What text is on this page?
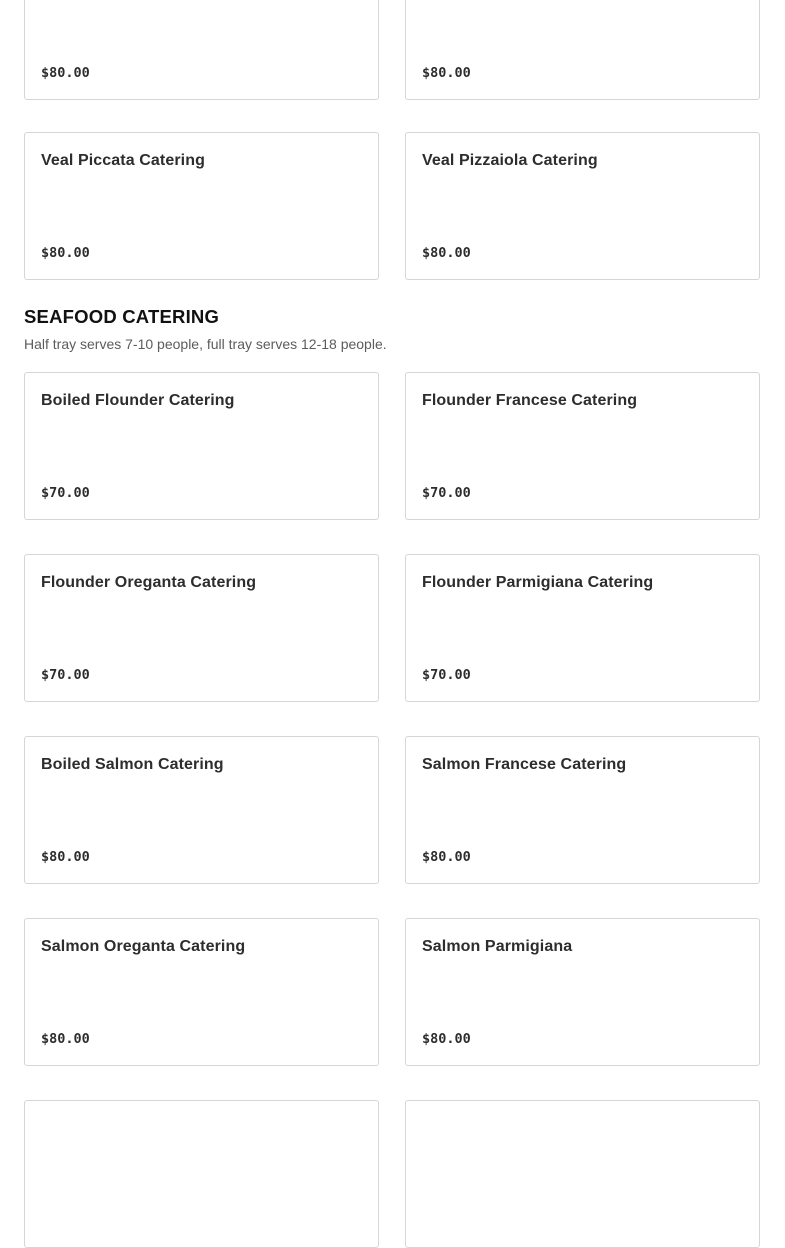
$80.00	$80.00
Veal Piccata Catering
$80.00
Veal Pizzaiola Catering
$80.00
SEAFOOD CATERING

Half tray serves 7-10 people, full tray serves 12-18 people.

Boiled Flounder Catering
$70.00
Flounder Francese Catering
$70.00
Flounder Oreganta Catering
$70.00
Flounder Parmigiana Catering
$70.00
Boiled Salmon Catering
$80.00
Salmon Francese Catering
$80.00
Salmon Oreganta Catering
$80.00
Salmon Parmigiana
$80.00
